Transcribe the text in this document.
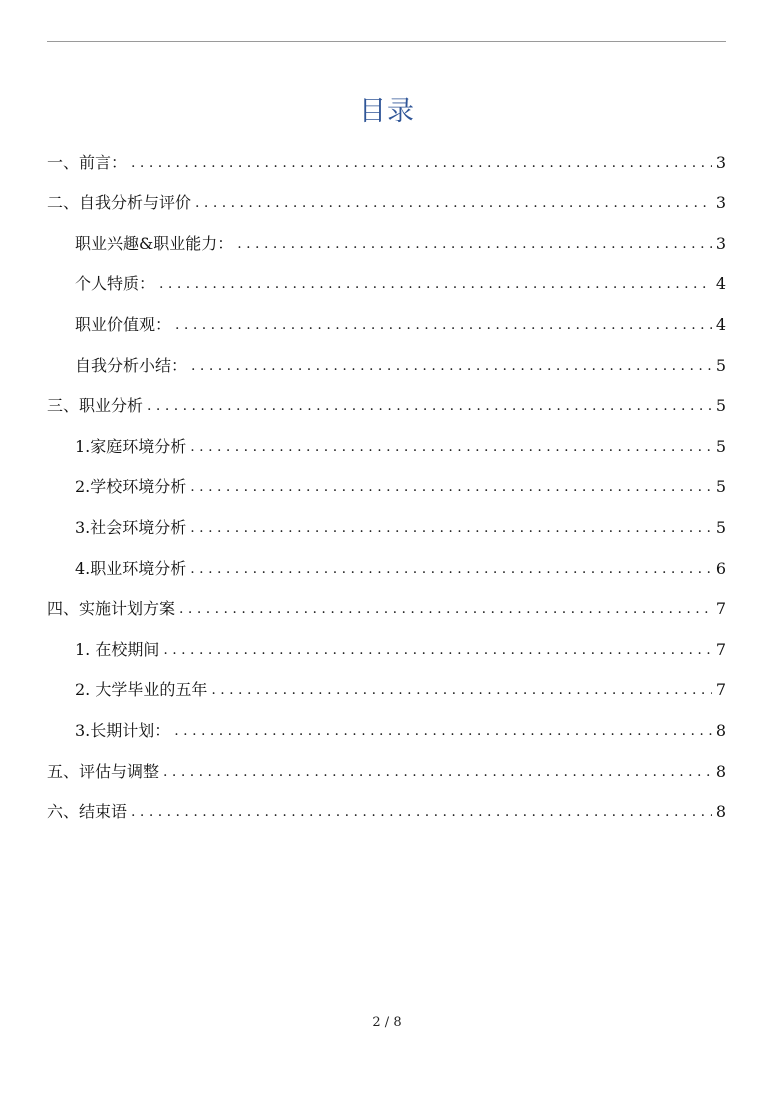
目录
一、前言： . . .	3
二、自我分析与评价 . . .	3
职业兴趣&职业能力： . . .	3
个人特质： . . .	4
职业价值观： . . .	4
自我分析小结： . . .	5
三、职业分析 . . .	5
1.家庭环境分析 . . .	5
2.学校环境分析 . . .	5
3.社会环境分析 . . .	5
4.职业环境分析 . . .	6
四、实施计划方案 . . .	7
1. 在校期间 . . .	7
2. 大学毕业的五年 . . .	7
3.长期计划： . . .	8
五、评估与调整 . . .	8
六、结束语 . . .	8
2 / 8
